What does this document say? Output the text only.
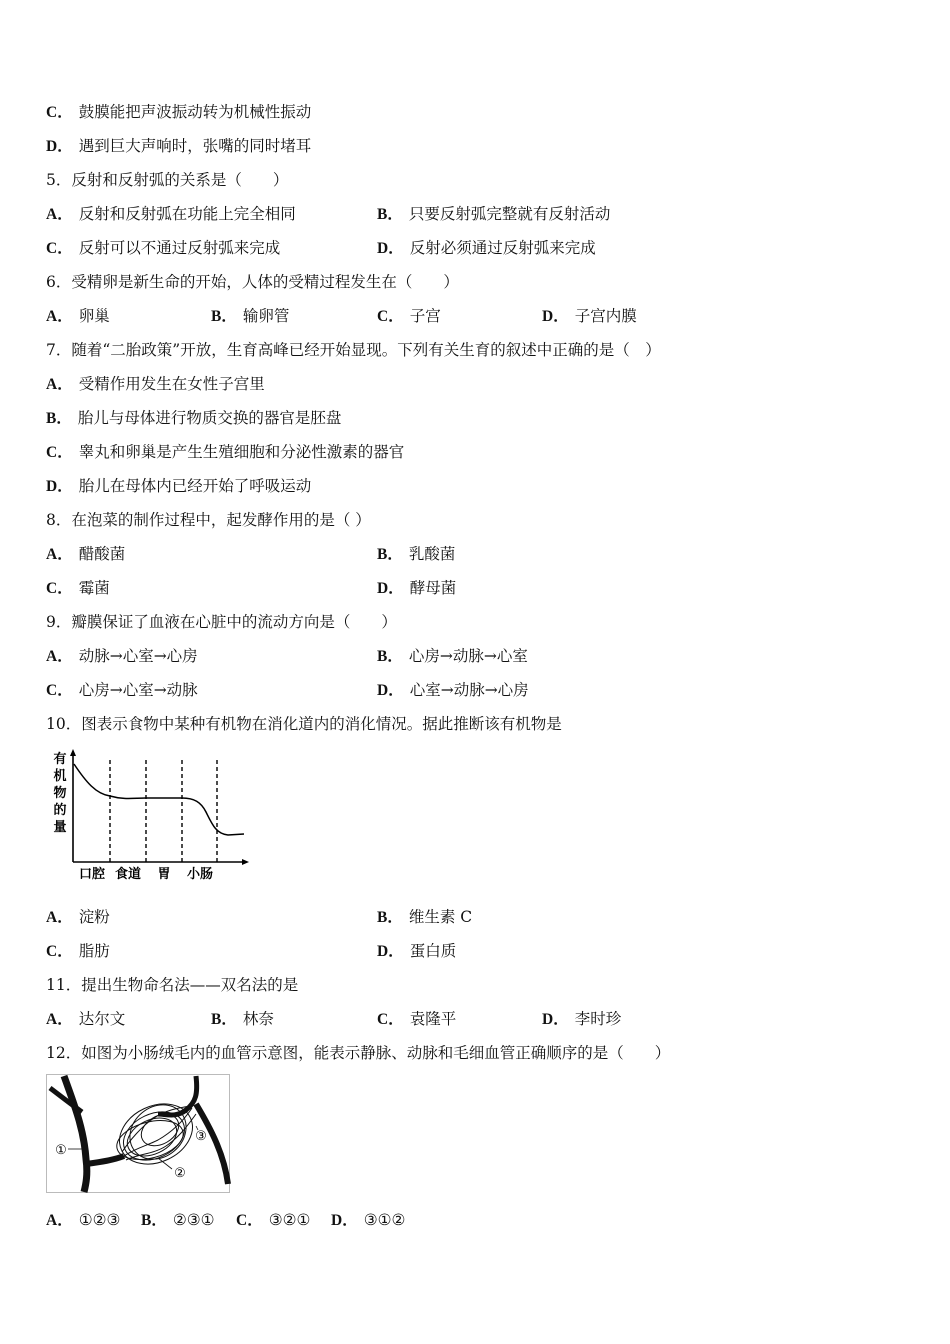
C． 鼓膜能把声波振动转为机械性振动
D． 遇到巨大声响时，张嘴的同时堵耳
5．反射和反射弧的关系是（　　）
A． 反射和反射弧在功能上完全相同	B． 只要反射弧完整就有反射活动
C． 反射可以不通过反射弧来完成	D． 反射必须通过反射弧来完成
6．受精卵是新生命的开始，人体的受精过程发生在（　　）
A． 卵巢	B． 输卵管	C． 子宫	D． 子宫内膜
7．随着“二胎政策”开放，生育高峰已经开始显现。下列有关生育的叙述中正确的是（　）
A． 受精作用发生在女性子宫里
B． 胎儿与母体进行物质交换的器官是胚盘
C． 睾丸和卵巢是产生生殖细胞和分泌性激素的器官
D． 胎儿在母体内已经开始了呼吸运动
8．在泡菜的制作过程中，起发酵作用的是（ ）
A． 醋酸菌	B． 乳酸菌
C． 霉菌	D． 酵母菌
9．瓣膜保证了血液在心脏中的流动方向是（　　）
A． 动脉→心室→心房	B． 心房→动脉→心室
C． 心房→心室→动脉	D． 心室→动脉→心房
10．图表示食物中某种有机物在消化道内的消化情况。据此推断该有机物是
有
机
物
的
量
口腔 食道 胃 小肠
A． 淀粉	B． 维生素 C
C． 脂肪	D． 蛋白质
11．提出生物命名法——双名法的是
A． 达尔文	B． 林奈	C． 袁隆平	D． 李时珍
12．如图为小肠绒毛内的血管示意图，能表示静脉、动脉和毛细血管正确顺序的是（　　）
①
②
③
A． ①②③ B． ②③① C． ③②① D． ③①②
